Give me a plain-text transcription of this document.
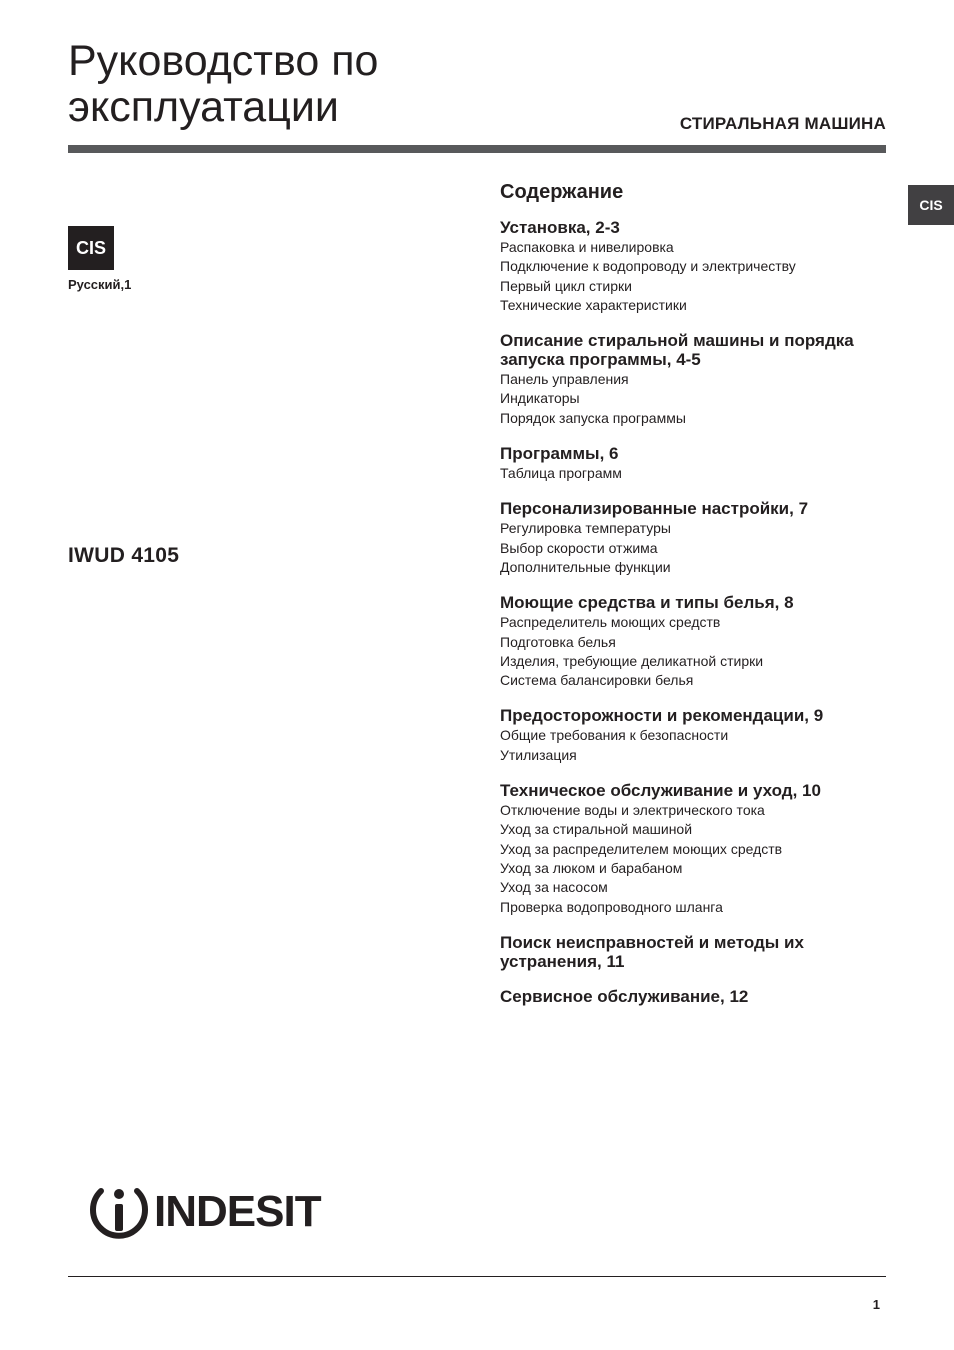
Руководство по
эксплуатации	СТИРАЛЬНАЯ МАШИНА
CIS
CIS
Русский,1
IWUD 4105
Содержание
Установка, 2-3
Распаковка и нивелировка
Подключение к водопроводу и электричеству
Первый цикл стирки
Технические характеристики
Описание стиральной машины и порядка запуска программы, 4-5
Панель управления
Индикаторы
Порядок запуска программы
Программы, 6
Таблица программ
Персонализированные настройки, 7
Регулировка температуры
Выбор скорости отжима
Дополнительные функции
Моющие средства и типы белья, 8
Распределитель моющих средств
Подготовка белья
Изделия, требующие деликатной стирки
Система балансировки белья
Предосторожности и рекомендации, 9
Общие требования к безопасности
Утилизация
Техническое обслуживание и уход, 10
Отключение воды и электрического тока
Уход за стиральной машиной
Уход за распределителем моющих средств
Уход за люком и барабаном
Уход за насосом
Проверка водопроводного шланга
Поиск неисправностей и методы их устранения, 11
Сервисное обслуживание, 12
INDESIT
1
